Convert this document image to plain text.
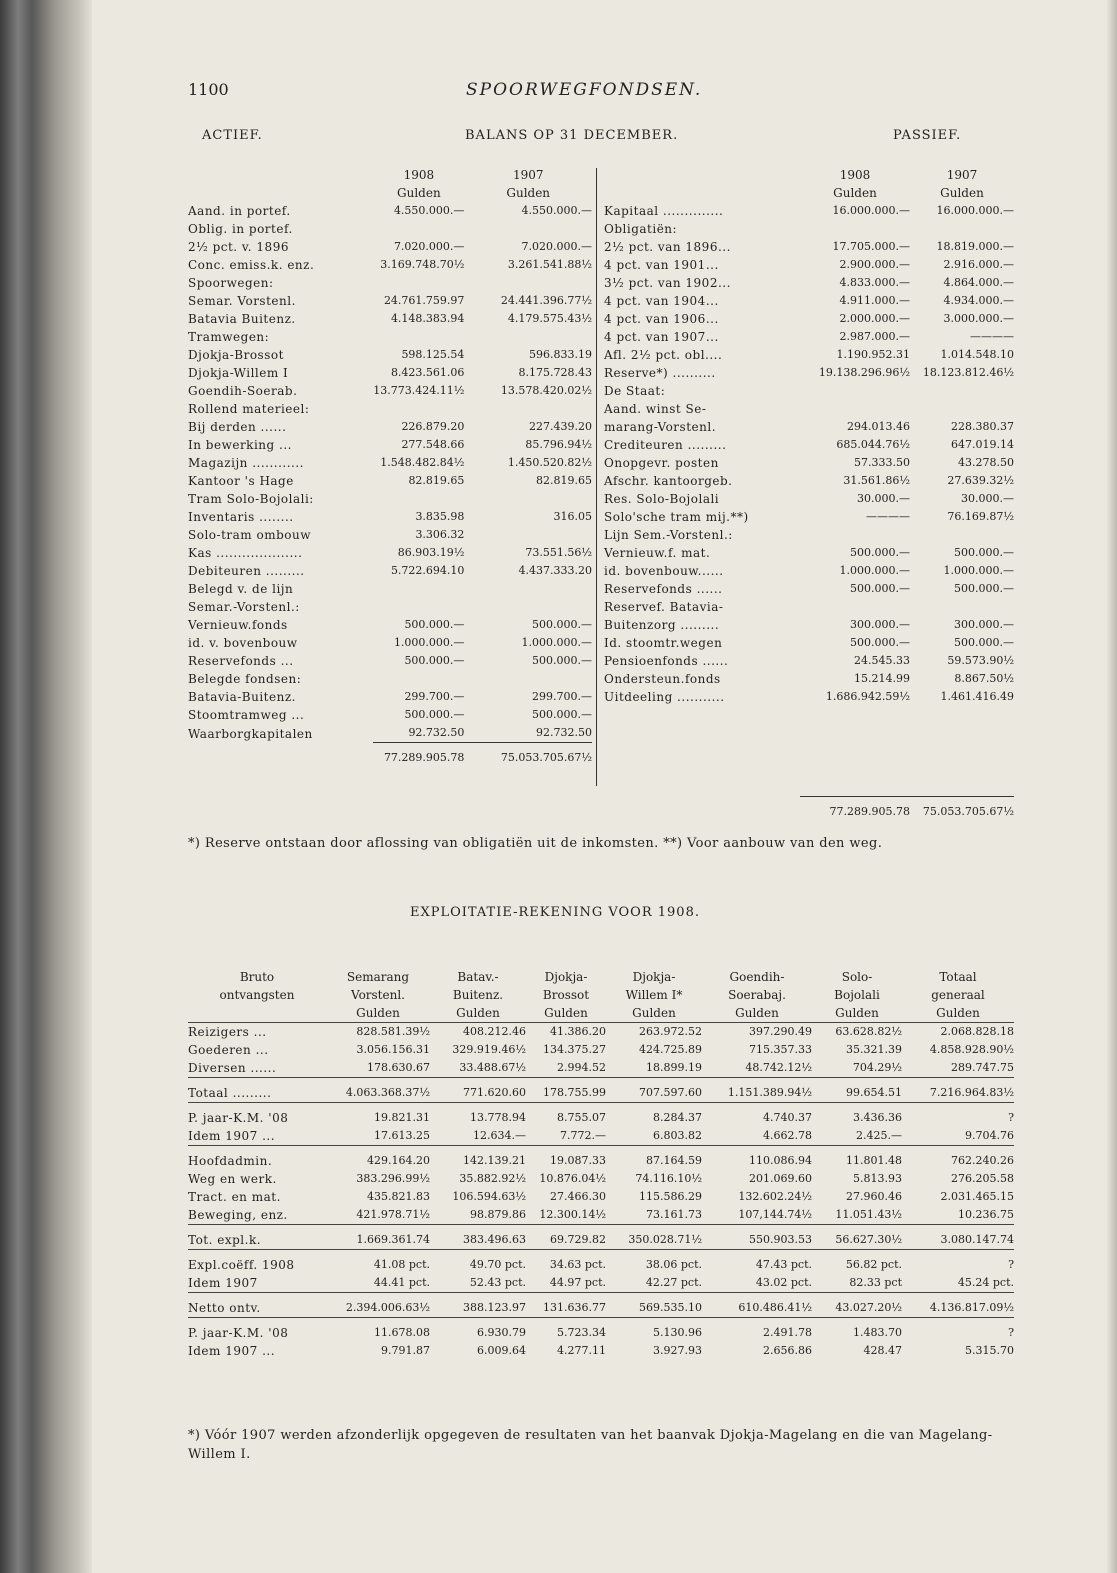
1100	SPOORWEGFONDSEN.
ACTIEF.	BALANS OP 31 DECEMBER.	PASSIEF.
	1908	1907
	Gulden	Gulden
Aand. in portef.	4.550.000.—	4.550.000.—
Oblig. in portef.		
2½ pct. v. 1896	7.020.000.—	7.020.000.—
Conc. emiss.k. enz.	3.169.748.70½	3.261.541.88½
Spoorwegen:		
Semar. Vorstenl.	24.761.759.97	24.441.396.77½
Batavia Buitenz.	4.148.383.94	4.179.575.43½
Tramwegen:		
Djokja-Brossot	598.125.54	596.833.19
Djokja-Willem I	8.423.561.06	8.175.728.43
Goendih-Soerab.	13.773.424.11½	13.578.420.02½
Rollend materieel:		
Bij derden ......	226.879.20	227.439.20
In bewerking ...	277.548.66	85.796.94½
Magazijn ............	1.548.482.84½	1.450.520.82½
Kantoor 's Hage	82.819.65	82.819.65
Tram Solo-Bojolali:		
Inventaris ........	3.835.98	316.05
Solo-tram ombouw	3.306.32	
Kas ....................	86.903.19½	73.551.56½
Debiteuren .........	5.722.694.10	4.437.333.20
Belegd v. de lijn		
Semar.-Vorstenl.:		
Vernieuw.fonds	500.000.—	500.000.—
id. v. bovenbouw	1.000.000.—	1.000.000.—
Reservefonds ...	500.000.—	500.000.—
Belegde fondsen:		
Batavia-Buitenz.	299.700.—	299.700.—
Stoomtramweg ...	500.000.—	500.000.—
Waarborgkapitalen	92.732.50	92.732.50
	77.289.905.78	75.053.705.67½
	1908	1907
	Gulden	Gulden
Kapitaal ..............	16.000.000.—	16.000.000.—
Obligatiën:		
2½ pct. van 1896...	17.705.000.—	18.819.000.—
4 pct. van 1901...	2.900.000.—	2.916.000.—
3½ pct. van 1902...	4.833.000.—	4.864.000.—
4 pct. van 1904...	4.911.000.—	4.934.000.—
4 pct. van 1906...	2.000.000.—	3.000.000.—
4 pct. van 1907...	2.987.000.—	————
Afl. 2½ pct. obl....	1.190.952.31	1.014.548.10
Reserve*) ..........	19.138.296.96½	18.123.812.46½
De Staat:		
Aand. winst Se-		
marang-Vorstenl.	294.013.46	228.380.37
Crediteuren .........	685.044.76½	647.019.14
Onopgevr. posten	57.333.50	43.278.50
Afschr. kantoorgeb.	31.561.86½	27.639.32½
Res. Solo-Bojolali	30.000.—	30.000.—
Solo'sche tram mij.**)	————	76.169.87½
Lijn Sem.-Vorstenl.:		
Vernieuw.f. mat.	500.000.—	500.000.—
id. bovenbouw......	1.000.000.—	1.000.000.—
Reservefonds ......	500.000.—	500.000.—
Reservef. Batavia-		
Buitenzorg .........	300.000.—	300.000.—
Id. stoomtr.wegen	500.000.—	500.000.—
Pensioenfonds ......	24.545.33	59.573.90½
Ondersteun.fonds	15.214.99	8.867.50½
Uitdeeling ...........	1.686.942.59½	1.461.416.49
	77.289.905.78	75.053.705.67½
*) Reserve ontstaan door aflossing van obligatiën uit de inkomsten. **) Voor aanbouw van den weg.
EXPLOITATIE-REKENING VOOR 1908.
Bruto	Semarang	Batav.-	Djokja-	Djokja-	Goendih-	Solo-	Totaal
ontvangsten	Vorstenl.	Buitenz.	Brossot	Willem I*	Soerabaj.	Bojolali	generaal
	Gulden	Gulden	Gulden	Gulden	Gulden	Gulden	Gulden
Reizigers ...	828.581.39½	408.212.46	41.386.20	263.972.52	397.290.49	63.628.82½	2.068.828.18
Goederen ...	3.056.156.31	329.919.46½	134.375.27	424.725.89	715.357.33	35.321.39	4.858.928.90½
Diversen ......	178.630.67	33.488.67½	2.994.52	18.899.19	48.742.12½	704.29½	289.747.75
Totaal .........	4.063.368.37½	771.620.60	178.755.99	707.597.60	1.151.389.94½	99.654.51	7.216.964.83½
P. jaar-K.M. '08	19.821.31	13.778.94	8.755.07	8.284.37	4.740.37	3.436.36	?
Idem 1907 ...	17.613.25	12.634.—	7.772.—	6.803.82	4.662.78	2.425.—	9.704.76
Hoofdadmin.	429.164.20	142.139.21	19.087.33	87.164.59	110.086.94	11.801.48	762.240.26
Weg en werk.	383.296.99½	35.882.92½	10.876.04½	74.116.10½	201.069.60	5.813.93	276.205.58
Tract. en mat.	435.821.83	106.594.63½	27.466.30	115.586.29	132.602.24½	27.960.46	2.031.465.15
Beweging, enz.	421.978.71½	98.879.86	12.300.14½	73.161.73	107,144.74½	11.051.43½	10.236.75
Tot. expl.k.	1.669.361.74	383.496.63	69.729.82	350.028.71½	550.903.53	56.627.30½	3.080.147.74
Expl.coëff. 1908	41.08 pct.	49.70 pct.	34.63 pct.	38.06 pct.	47.43 pct.	56.82 pct.	?
Idem 1907	44.41 pct.	52.43 pct.	44.97 pct.	42.27 pct.	43.02 pct.	82.33 pct	45.24 pct.
Netto ontv.	2.394.006.63½	388.123.97	131.636.77	569.535.10	610.486.41½	43.027.20½	4.136.817.09½
P. jaar-K.M. '08	11.678.08	6.930.79	5.723.34	5.130.96	2.491.78	1.483.70	?
Idem 1907 ...	9.791.87	6.009.64	4.277.11	3.927.93	2.656.86	428.47	5.315.70
*) Vóór 1907 werden afzonderlijk opgegeven de resultaten van het baanvak Djokja-Magelang en die van Magelang-Willem I.
